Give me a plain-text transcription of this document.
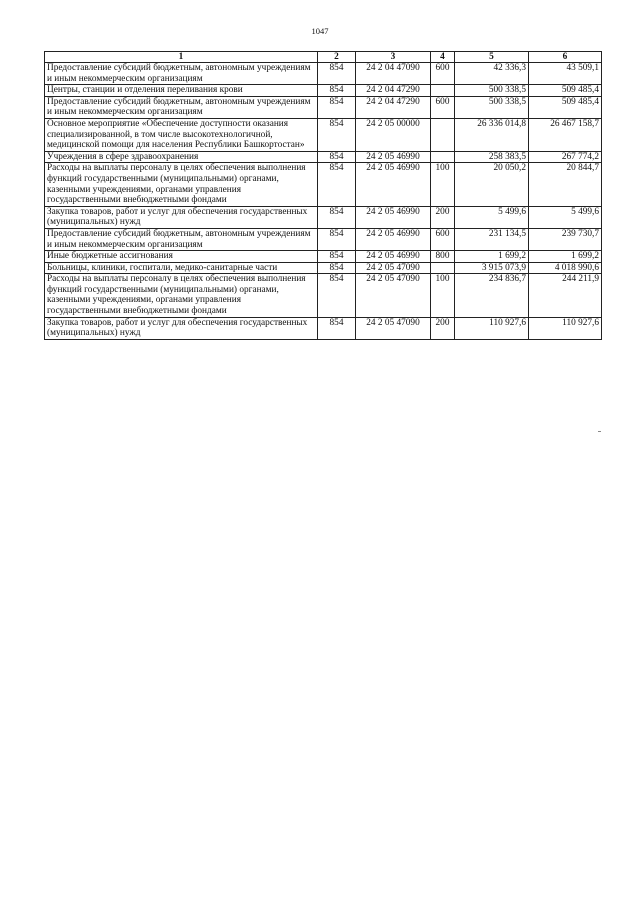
1047
1	2	3	4	5	6
Предоставление субсидий бюджетным, автономным учреждениям и иным некоммерческим организациям	854	24 2 04 47090	600	42 336,3	43 509,1
Центры, станции и отделения переливания крови	854	24 2 04 47290		500 338,5	509 485,4
Предоставление субсидий бюджетным, автономным учреждениям и иным некоммерческим организациям	854	24 2 04 47290	600	500 338,5	509 485,4
Основное мероприятие «Обеспечение доступности оказания специализированной, в том числе высокотехнологичной, медицинской помощи для населения Республики Башкортостан»	854	24 2 05 00000		26 336 014,8	26 467 158,7
Учреждения в сфере здравоохранения	854	24 2 05 46990		258 383,5	267 774,2
Расходы на выплаты персоналу в целях обеспечения выполнения функций государственными (муниципальными) органами, казенными учреждениями, органами управления государственными внебюджетными фондами	854	24 2 05 46990	100	20 050,2	20 844,7
Закупка товаров, работ и услуг для обеспечения государственных (муниципальных) нужд	854	24 2 05 46990	200	5 499,6	5 499,6
Предоставление субсидий бюджетным, автономным учреждениям и иным некоммерческим организациям	854	24 2 05 46990	600	231 134,5	239 730,7
Иные бюджетные ассигнования	854	24 2 05 46990	800	1 699,2	1 699,2
Больницы, клиники, госпитали, медико-санитарные части	854	24 2 05 47090		3 915 073,9	4 018 990,6
Расходы на выплаты персоналу в целях обеспечения выполнения функций государственными (муниципальными) органами, казенными учреждениями, органами управления государственными внебюджетными фондами	854	24 2 05 47090	100	234 836,7	244 211,9
Закупка товаров, работ и услуг для обеспечения государственных (муниципальных) нужд	854	24 2 05 47090	200	110 927,6	110 927,6
